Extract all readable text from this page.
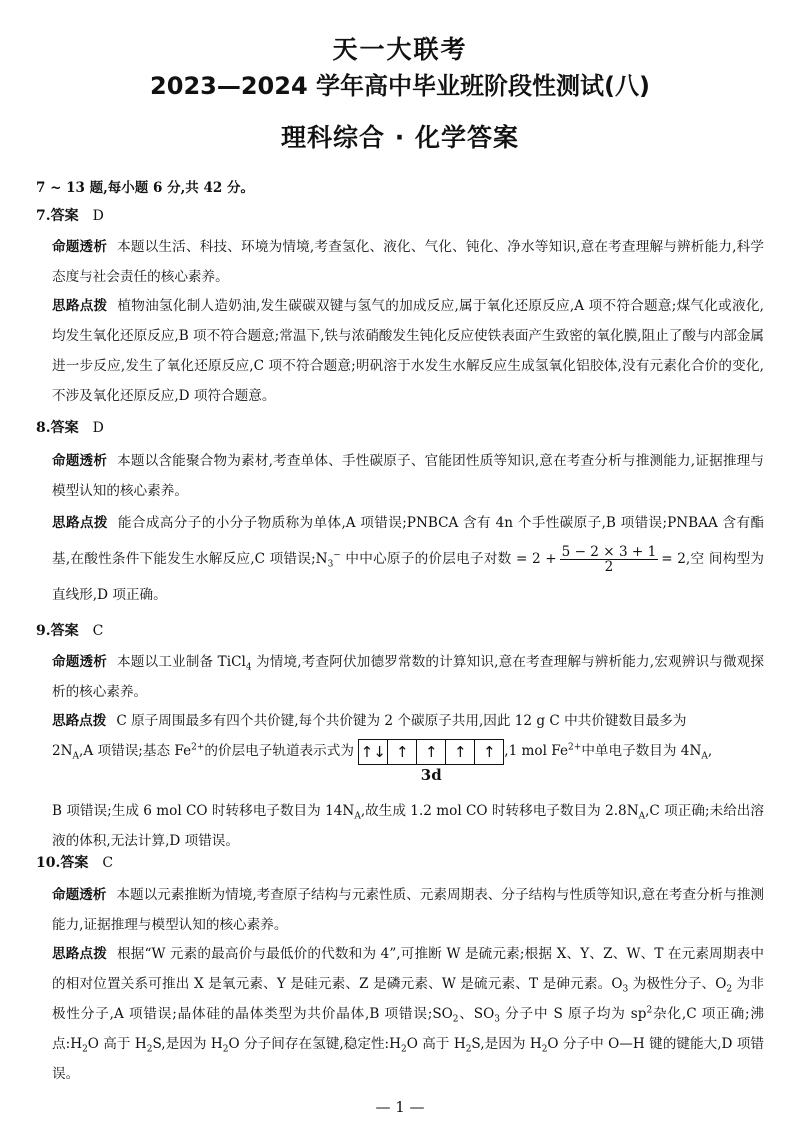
天一大联考
2023—2024 学年高中毕业班阶段性测试(八)
理科综合 · 化学答案
7 ~ 13 题,每小题 6 分,共 42 分。
7.答案 D
命题透析 本题以生活、科技、环境为情境,考查氢化、液化、气化、钝化、净水等知识,意在考查理解与辨析能力,科学态度与社会责任的核心素养。
思路点拨 植物油氢化制人造奶油,发生碳碳双键与氢气的加成反应,属于氧化还原反应,A 项不符合题意;煤气化或液化,均发生氧化还原反应,B 项不符合题意;常温下,铁与浓硝酸发生钝化反应使铁表面产生致密的氧化膜,阻止了酸与内部金属进一步反应,发生了氧化还原反应,C 项不符合题意;明矾溶于水发生水解反应生成氢氧化铝胶体,没有元素化合价的变化,不涉及氧化还原反应,D 项符合题意。
8.答案 D
命题透析 本题以含能聚合物为素材,考查单体、手性碳原子、官能团性质等知识,意在考查分析与推测能力,证据推理与模型认知的核心素养。
思路点拨 能合成高分子的小分子物质称为单体,A 项错误;PNBCA 含有 4n 个手性碳原子,B 项错误;PNBAA 含有酯基,在酸性条件下能发生水解反应,C 项错误$;N_3^-$ 中中心原子的价层电子对数 = $2 + \frac{5 - 2 \times 3 + 1}{2} = 2$,空 间构型为直线形,D 项正确。
9.答案 C
命题透析 本题以工业制备 TiCl$_4$ 为情境,考查阿伏加德罗常数的计算知识,意在考查理解与辨析能力,宏观辨识与微观探析的核心素养。
思路点拨 C 原子周围最多有四个共价键,每个共价键为 2 个碳原子共用,因此 12 g C 中共价键数目最多为
$2N_A,A$ 项错误;基态 $Fe^{2+}$的价层电子轨道表示式为 ↑↓ ↑	↑	↑	↑
3d
,1 mol $Fe^{2+}$中单电子数目为 $4N_A$,
B 项错误;生成 6 mol CO 时转移电子数目为 $14N_A$,故生成 1.2 mol CO 时转移电子数目为 $2.8N_A,C$ 项正确;未给出溶液的体积,无法计算,D 项错误。
10.答案 C
命题透析 本题以元素推断为情境,考查原子结构与元素性质、元素周期表、分子结构与性质等知识,意在考查分析与推测能力,证据推理与模型认知的核心素养。
思路点拨 根据“W 元素的最高价与最低价的代数和为 4”,可推断 W 是硫元素;根据 X、Y、Z、W、T 在元素周期表中的相对位置关系可推出 X 是氧元素、Y 是硅元素、Z 是磷元素、W 是硫元素、T 是砷元素。$O_3$ 为极性分子、$O_2$ 为非极性分子,A 项错误;晶体硅的晶体类型为共价晶体,B 项错误$;SO_2$、$SO_3$ 分子中 S 原子均为 $sp^2$杂化,C 项正确;沸点$:H_2O$ 高于 $H_2S$,是因为 $H_2O$ 分子间存在氢键,稳定性$:H_2O$ 高于 $H_2S$,是因为 $H_2O$ 分子中 O—H 键的键能大,D 项错误。
— 1 —
